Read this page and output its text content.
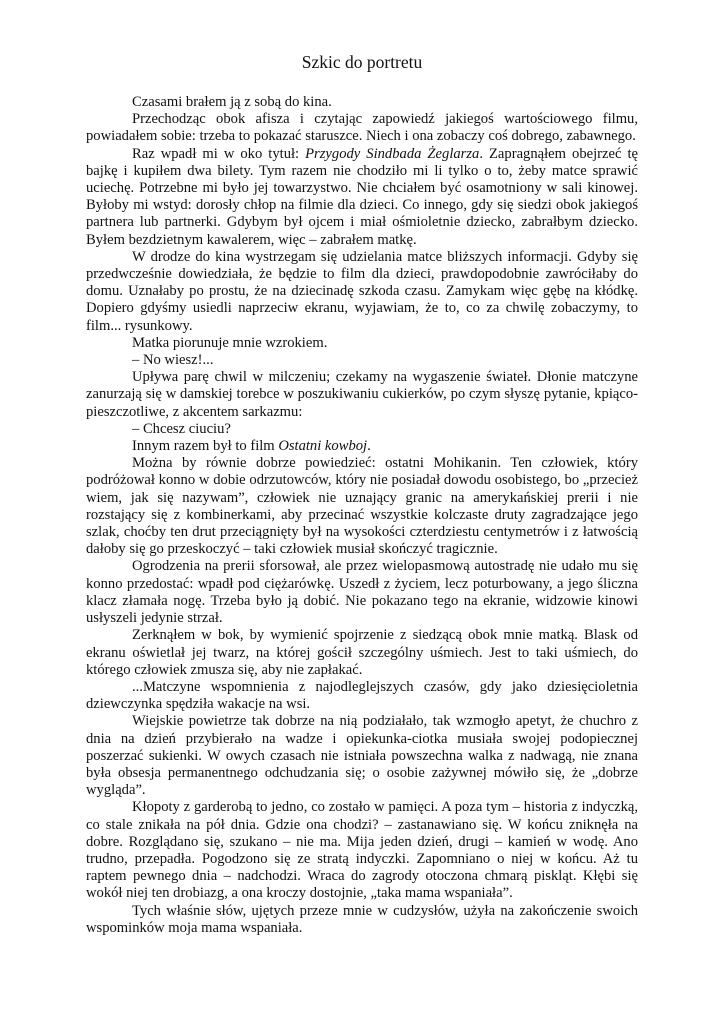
Szkic do portretu

Czasami brałem ją z sobą do kina.

Przechodząc obok afisza i czytając zapowiedź jakiegoś wartościowego filmu, powiadałem sobie: trzeba to pokazać staruszce. Niech i ona zobaczy coś dobrego, zabawnego.

Raz wpadł mi w oko tytuł: Przygody Sindbada Żeglarza. Zapragnąłem obejrzeć tę bajkę i kupiłem dwa bilety. Tym razem nie chodziło mi li tylko o to, żeby matce sprawić uciechę. Potrzebne mi było jej towarzystwo. Nie chciałem być osamotniony w sali kinowej. Byłoby mi wstyd: dorosły chłop na filmie dla dzieci. Co innego, gdy się siedzi obok jakiegoś partnera lub partnerki. Gdybym był ojcem i miał ośmioletnie dziecko, zabrałbym dziecko. Byłem bezdzietnym kawalerem, więc – zabrałem matkę.

W drodze do kina wystrzegam się udzielania matce bliższych informacji. Gdyby się przedwcześnie dowiedziała, że będzie to film dla dzieci, prawdopodobnie zawróciłaby do domu. Uznałaby po prostu, że na dziecinadę szkoda czasu. Zamykam więc gębę na kłódkę. Dopiero gdyśmy usiedli naprzeciw ekranu, wyjawiam, że to, co za chwilę zobaczymy, to film... rysunkowy.

Matka piorunuje mnie wzrokiem.

– No wiesz!...

Upływa parę chwil w milczeniu; czekamy na wygaszenie świateł. Dłonie matczyne zanurzają się w damskiej torebce w poszukiwaniu cukierków, po czym słyszę pytanie, kpiąco-pieszczotliwe, z akcentem sarkazmu:

– Chcesz ciuciu?

Innym razem był to film Ostatni kowboj.

Można by równie dobrze powiedzieć: ostatni Mohikanin. Ten człowiek, który podróżował konno w dobie odrzutowców, który nie posiadał dowodu osobistego, bo „przecież wiem, jak się nazywam”, człowiek nie uznający granic na amerykańskiej prerii i nie rozstający się z kombinerkami, aby przecinać wszystkie kolczaste druty zagradzające jego szlak, choćby ten drut przeciągnięty był na wysokości czterdziestu centymetrów i z łatwością dałoby się go przeskoczyć – taki człowiek musiał skończyć tragicznie.

Ogrodzenia na prerii sforsował, ale przez wielopasmową autostradę nie udało mu się konno przedostać: wpadł pod ciężarówkę. Uszedł z życiem, lecz poturbowany, a jego śliczna klacz złamała nogę. Trzeba było ją dobić. Nie pokazano tego na ekranie, widzowie kinowi usłyszeli jedynie strzał.

Zerknąłem w bok, by wymienić spojrzenie z siedzącą obok mnie matką. Blask od ekranu oświetlał jej twarz, na której gościł szczególny uśmiech. Jest to taki uśmiech, do którego człowiek zmusza się, aby nie zapłakać.

...Matczyne wspomnienia z najodleglejszych czasów, gdy jako dziesięcioletnia dziewczynka spędziła wakacje na wsi.

Wiejskie powietrze tak dobrze na nią podziałało, tak wzmogło apetyt, że chuchro z dnia na dzień przybierało na wadze i opiekunka-ciotka musiała swojej podopiecznej poszerzać sukienki. W owych czasach nie istniała powszechna walka z nadwagą, nie znana była obsesja permanentnego odchudzania się; o osobie zażywnej mówiło się, że „dobrze wygląda”.

Kłopoty z garderobą to jedno, co zostało w pamięci. A poza tym – historia z indyczką, co stale znikała na pół dnia. Gdzie ona chodzi? – zastanawiano się. W końcu zniknęła na dobre. Rozglądano się, szukano – nie ma. Mija jeden dzień, drugi – kamień w wodę. Ano trudno, przepadła. Pogodzono się ze stratą indyczki. Zapomniano o niej w końcu. Aż tu raptem pewnego dnia – nadchodzi. Wraca do zagrody otoczona chmarą piskląt. Kłębi się wokół niej ten drobiazg, a ona kroczy dostojnie, „taka mama wspaniała”.

Tych właśnie słów, ujętych przeze mnie w cudzysłów, użyła na zakończenie swoich wspominków moja mama wspaniała.
